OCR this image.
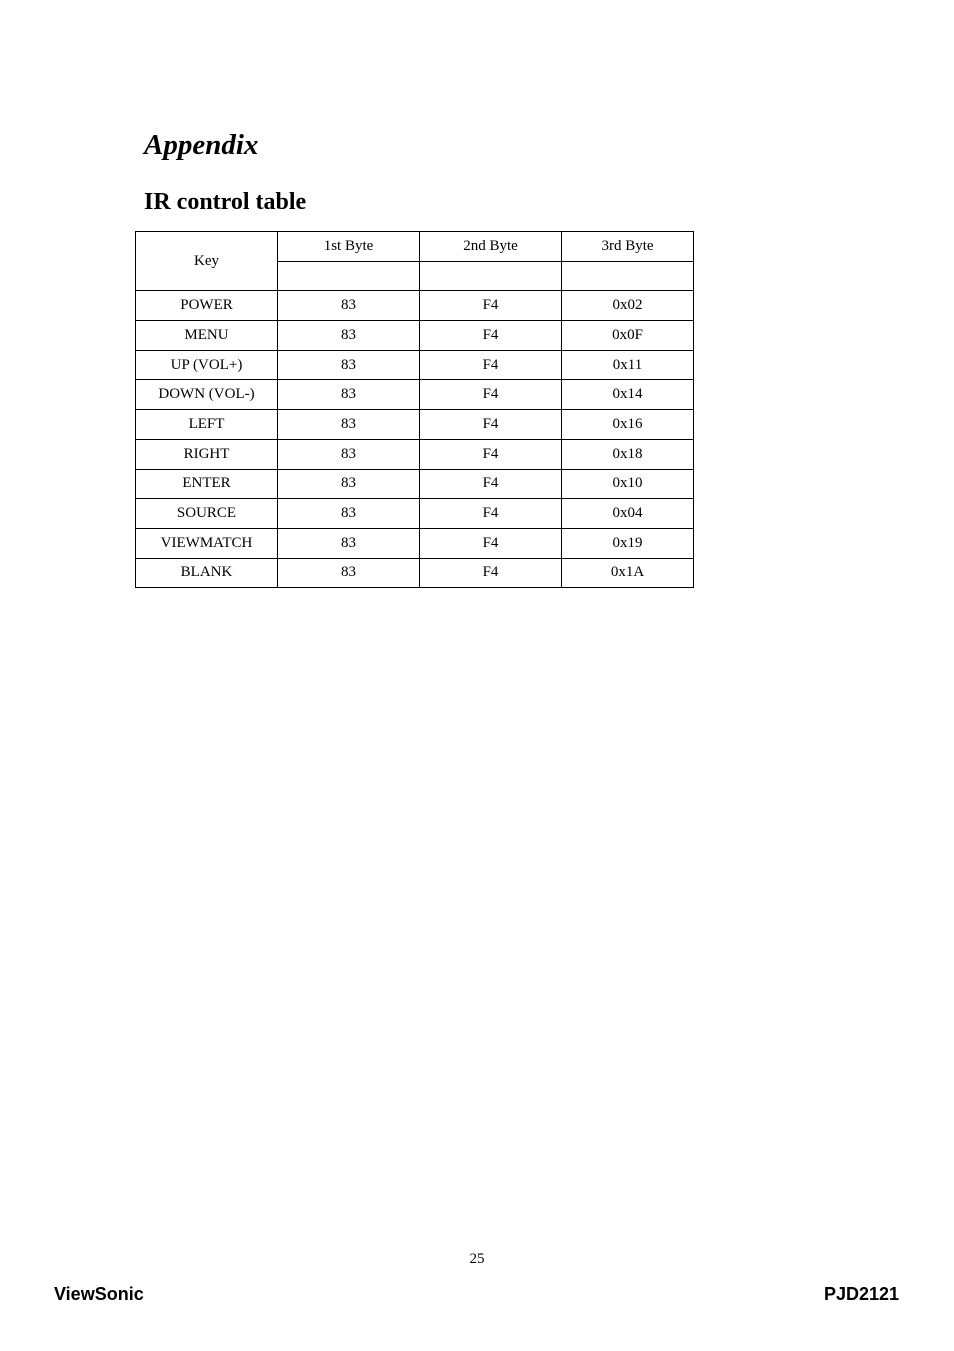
Appendix
IR control table
Key	1st Byte	2nd Byte	3rd Byte

POWER	83	F4	0x02
MENU	83	F4	0x0F
UP (VOL+)	83	F4	0x11
DOWN (VOL-)	83	F4	0x14
LEFT	83	F4	0x16
RIGHT	83	F4	0x18
ENTER	83	F4	0x10
SOURCE	83	F4	0x04
VIEWMATCH	83	F4	0x19
BLANK	83	F4	0x1A
25
ViewSonic	PJD2121
